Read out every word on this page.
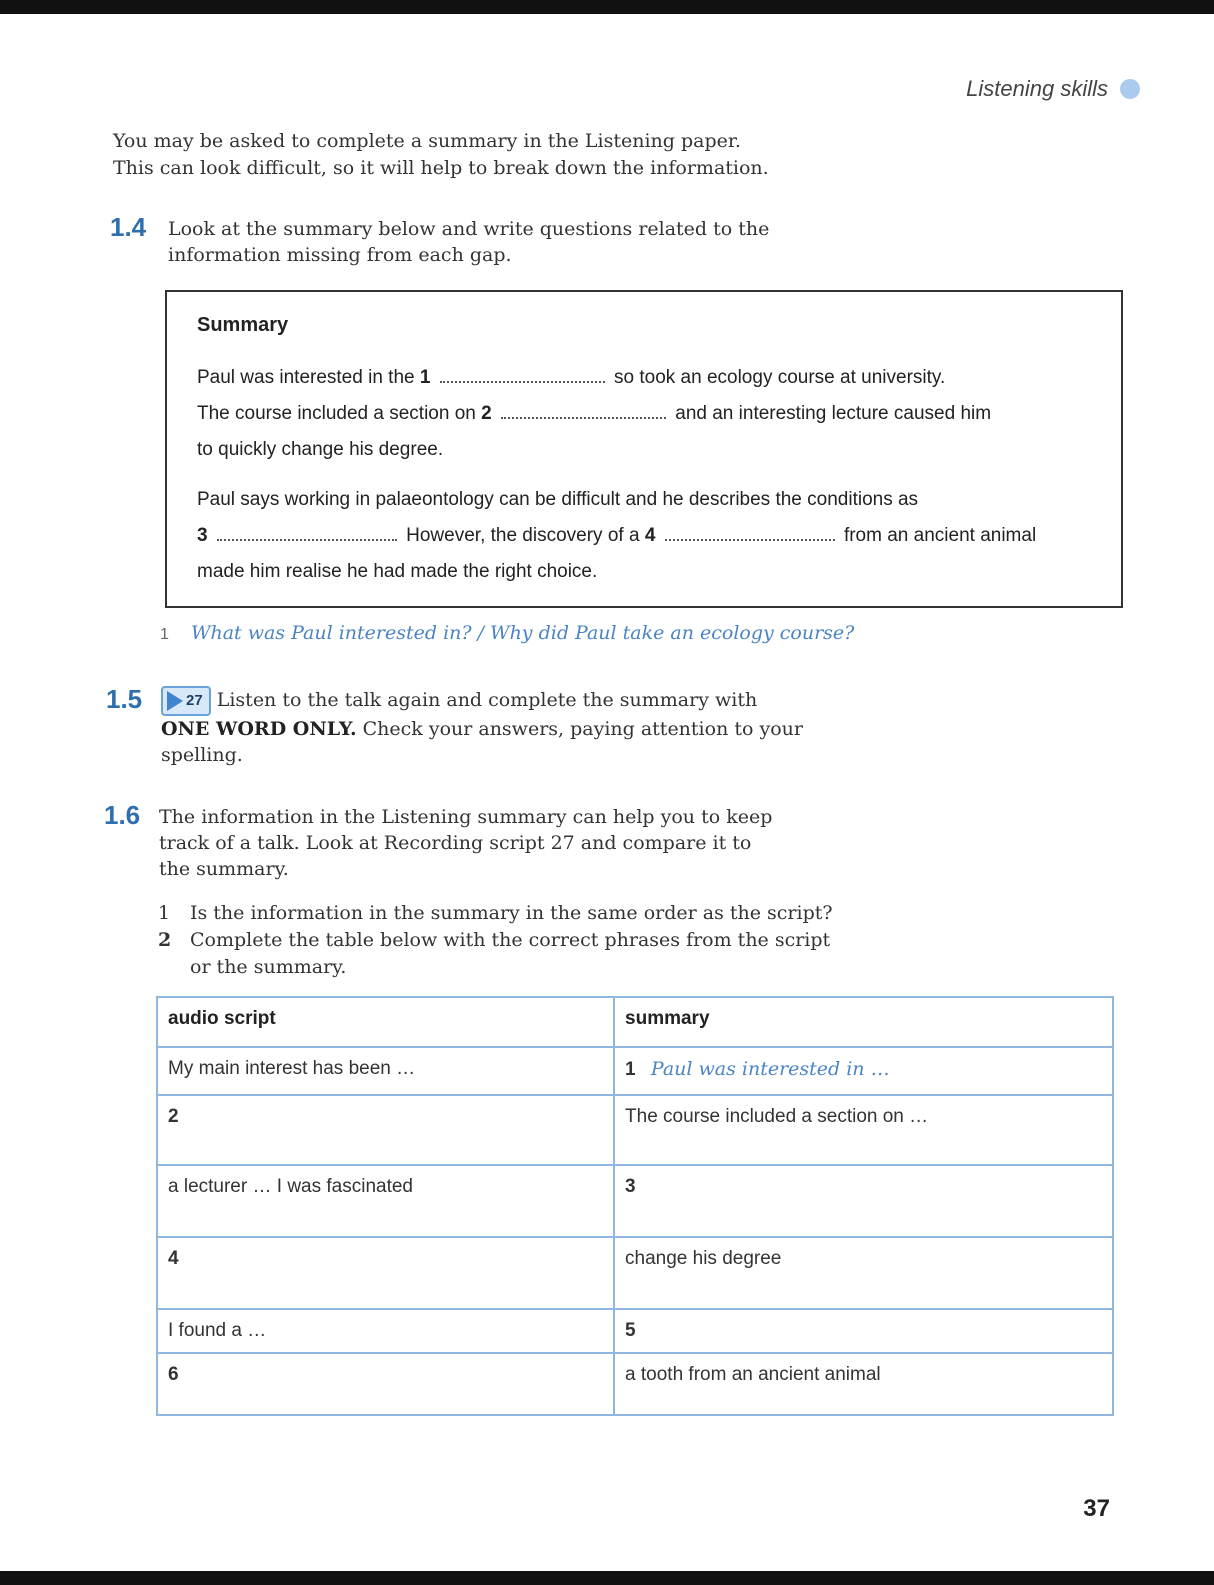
Listening skills

You may be asked to complete a summary in the Listening paper.

This can look difficult, so it will help to break down the information.

1.4 Look at the summary below and write questions related to the
information missing from each gap.
Summary
Paul was interested in the 1	so took an ecology course at university.
The course included a section on 2	and an interesting lecture caused him
to quickly change his degree.
Paul says working in palaeontology can be difficult and he describes the conditions as
3	However, the discovery of a 4	from an ancient animal
made him realise he had made the right choice.
1 What was Paul interested in? / Why did Paul take an ecology course?
1.5	27 Listen to the talk again and complete the summary with
ONE WORD ONLY. Check your answers, paying attention to your
spelling.
1.6 The information in the Listening summary can help you to keep
track of a talk. Look at Recording script 27 and compare it to
the summary.
1	Is the information in the summary in the same order as the script?
2 Complete the table below with the correct phrases from the script
or the summary.
audio script	summary
My main interest has been …	1 Paul was interested in …
2	The course included a section on …
a lecturer … I was fascinated	3
4	change his degree
I found a …	5
6	a tooth from an ancient animal
37
